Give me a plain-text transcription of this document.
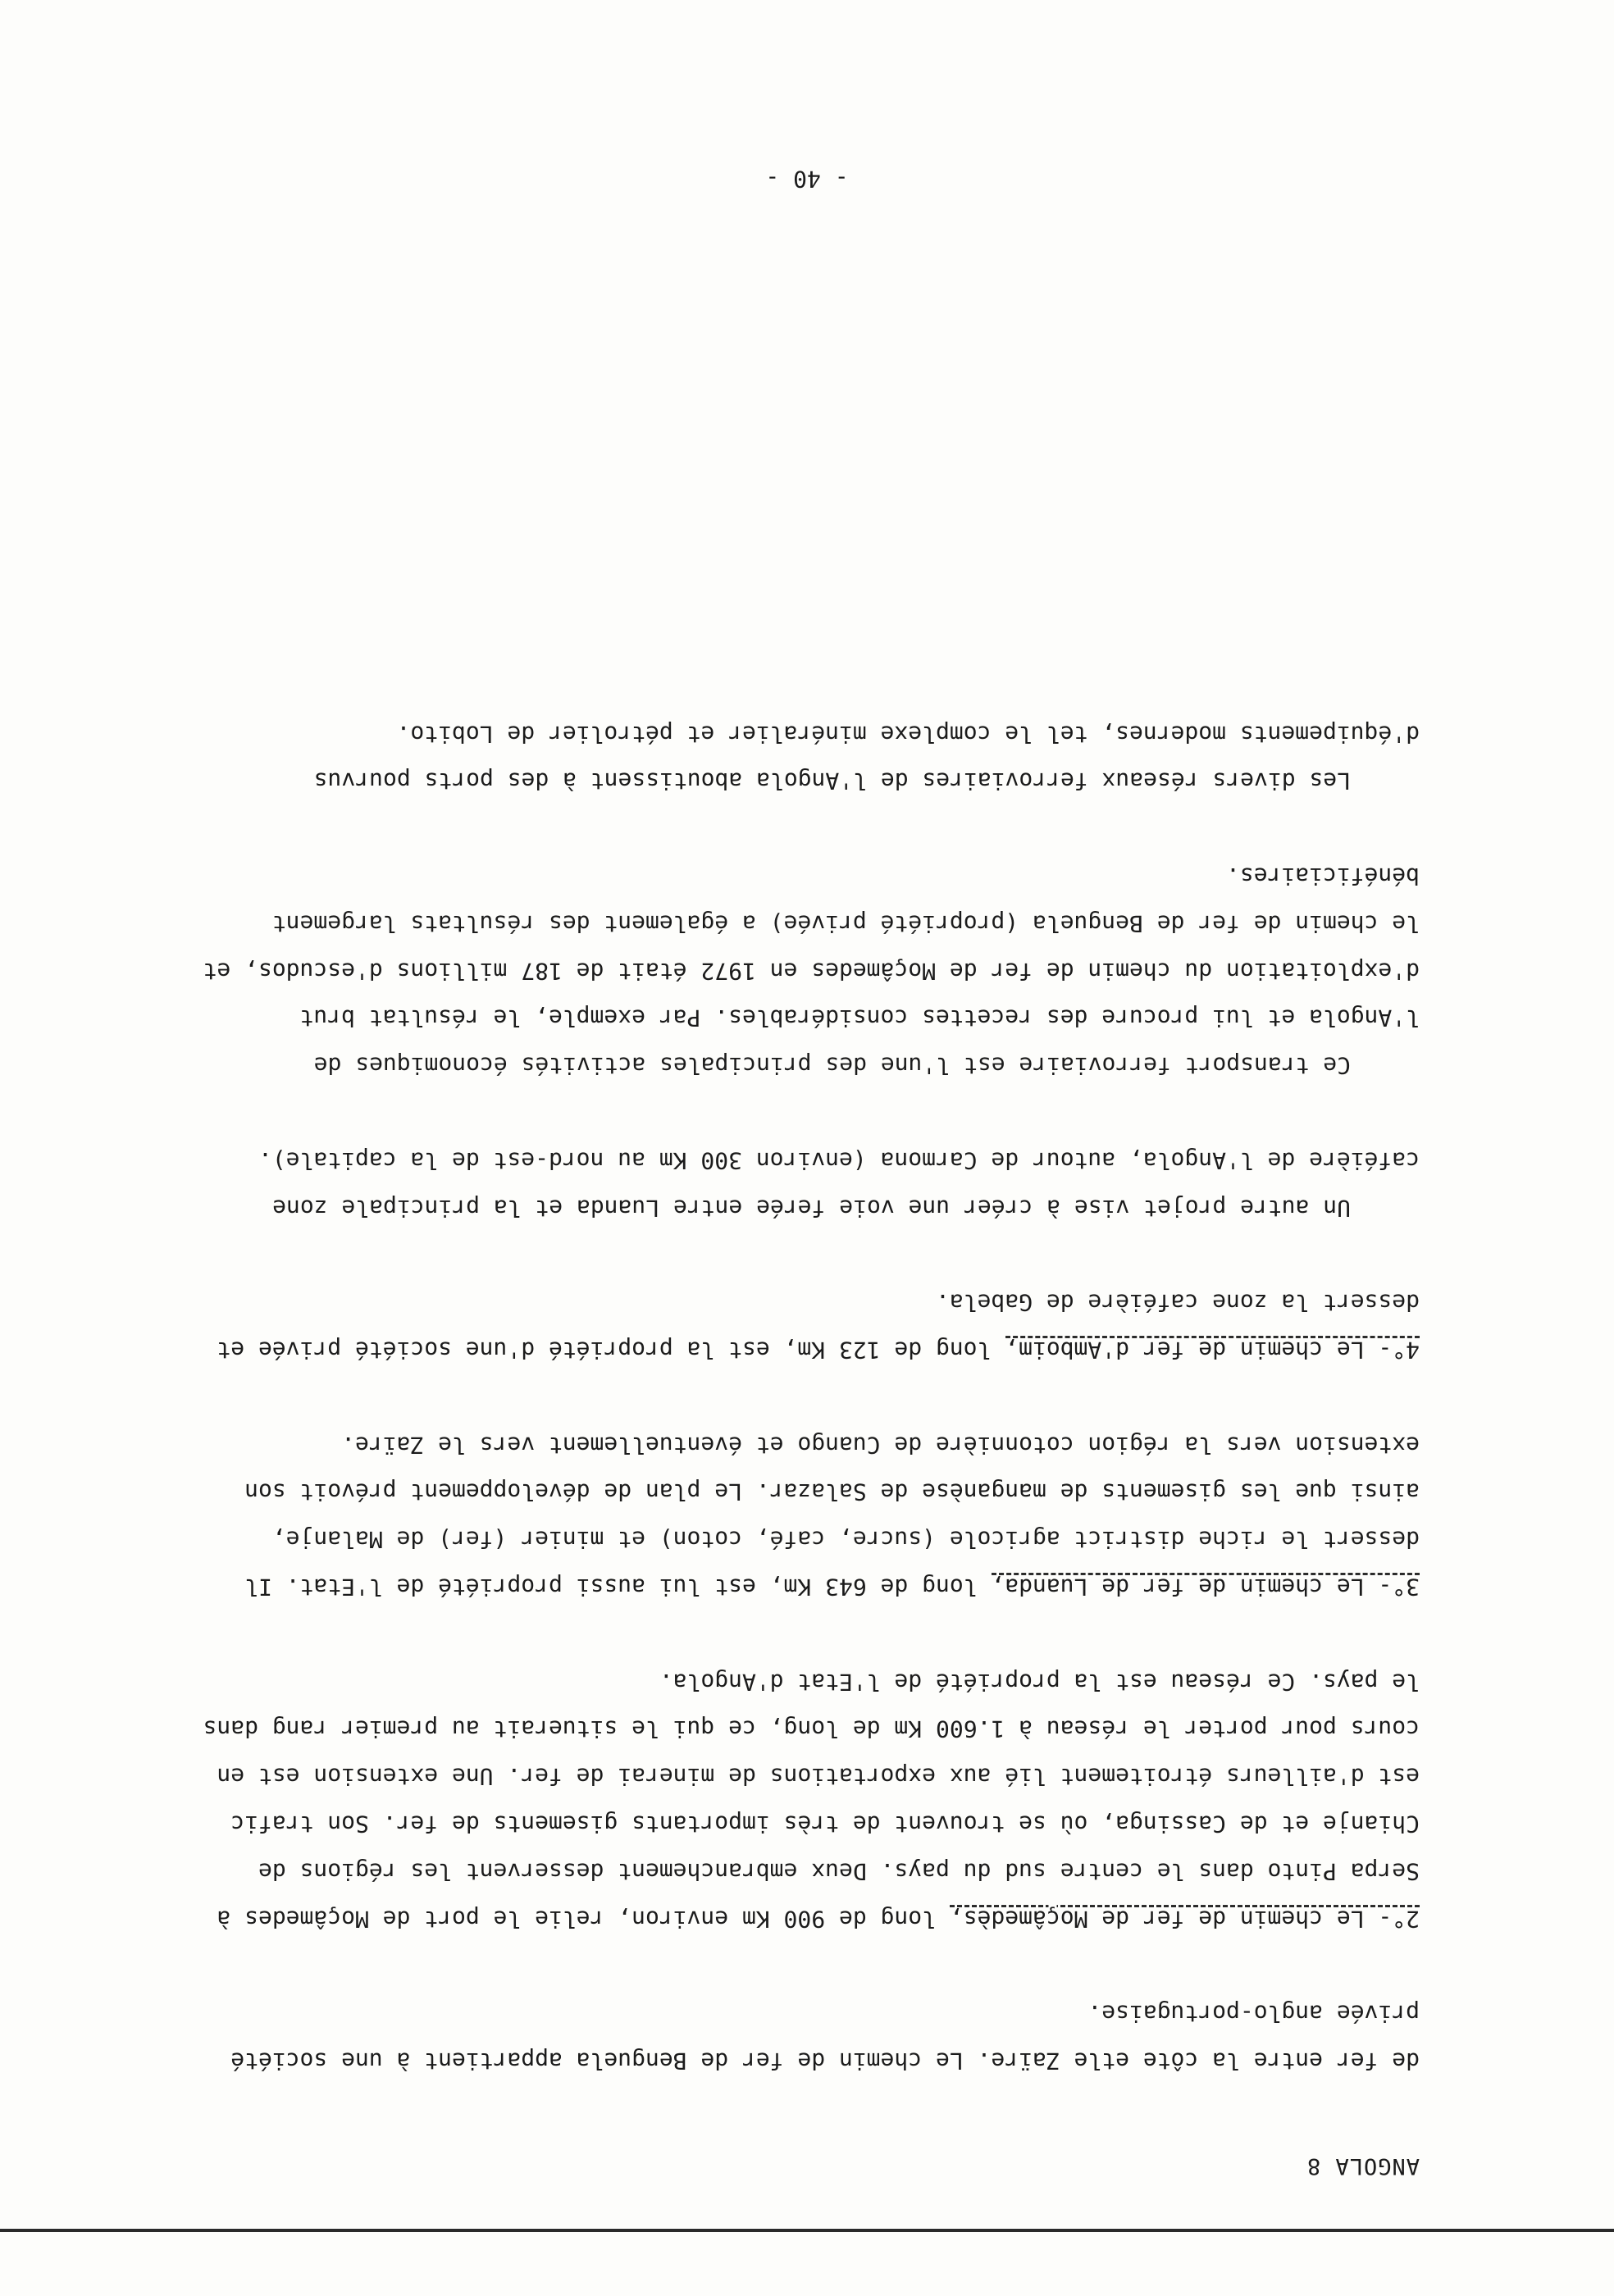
ANGOLA 8

de fer entre la côte etle Zaïre. Le chemin de fer de Benguela appartient à une société privée anglo-portugaise.

2°- Le chemin de fer de Moçâmedès, long de 900 Km environ, relie le port de Moçâmedes à Serpa Pinto dans le centre sud du pays. Deux embranchement desservent les régions de Chianje et de Cassinga, où se trouvent de très importants gisements de fer. Son trafic est d'ailleurs étroitement lié aux exportations de minerai de fer. Une extension est en cours pour porter le réseau à 1.600 Km de long, ce qui le situerait au premier rang dans le pays. Ce réseau est la propriété de l'Etat d'Angola.

3°- Le chemin de fer de Luanda, long de 643 Km, est lui aussi propriété de l'Etat. Il dessert le riche district agricole (sucre, café, coton) et minier (fer) de Malanje, ainsi que les gisements de manganèse de Salazar. Le plan de développement prévoit son extension vers la région cotonnière de Cuango et éventuellement vers le Zaïre.

4°- Le chemin de fer d'Amboim, long de 123 Km, est la propriété d'une société privée et dessert la zone caféière de Gabela.

Un autre projet vise à créer une voie ferée entre Luanda et la principale zone caféière de l'Angola, autour de Carmona (environ 300 Km au nord-est de la capitale).

Ce transport ferroviaire est l'une des principales activités économiques de l'Angola et lui procure des recettes considérables. Par exemple, le résultat brut d'exploitation du chemin de fer de Moçâmedes en 1972 était de 187 millions d'escudos, et le chemin de fer de Benguela (propriété privée) a également des résultats largement bénéficiaires.

Les divers réseaux ferroviaires de l'Angola aboutissent à des ports pourvus d'équipements modernes, tel le complexe minéralier et pétrolier de Lobito.

- 40 -
